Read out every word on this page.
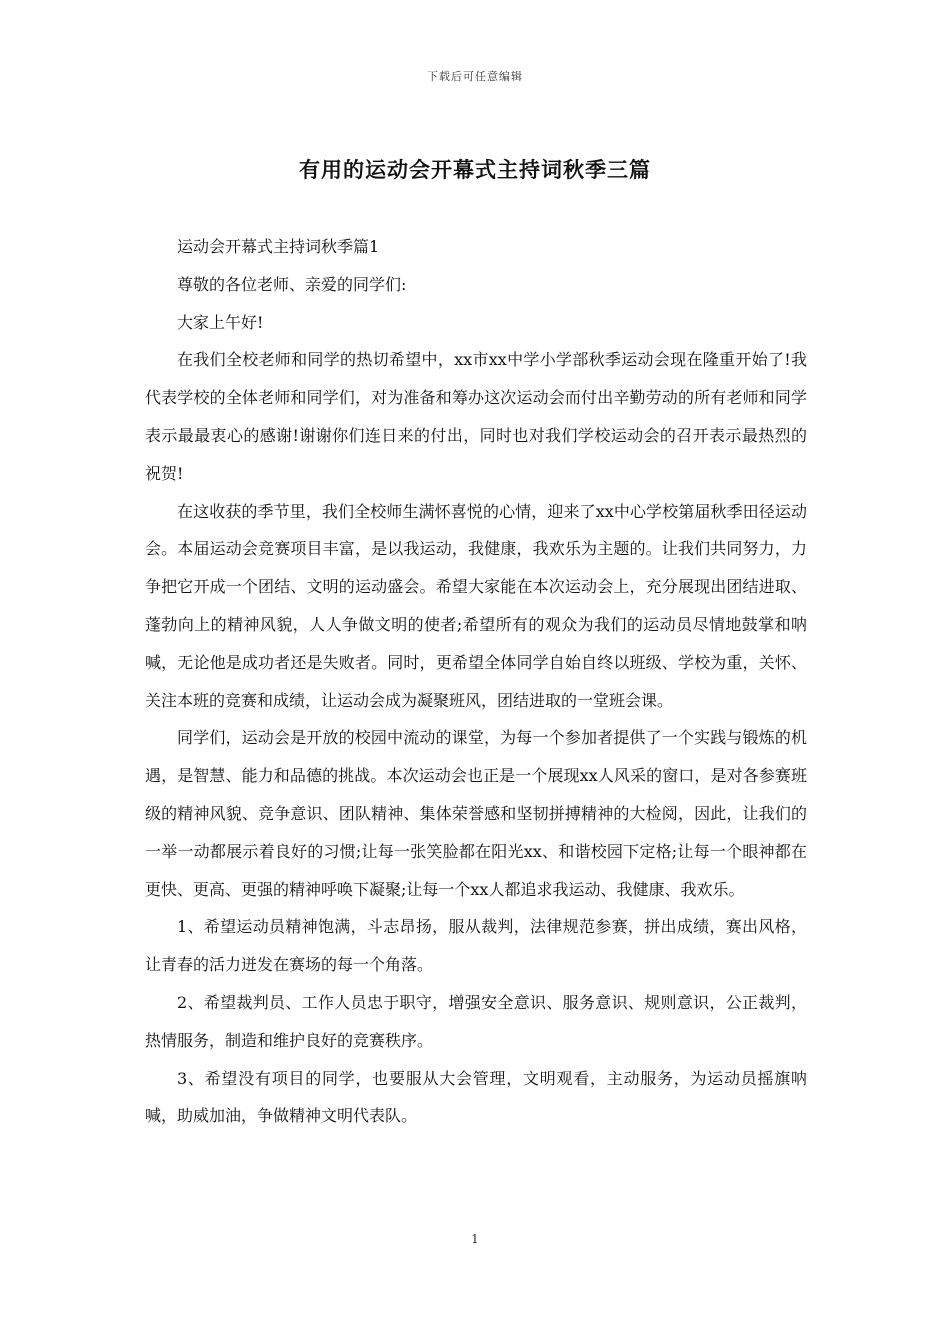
下载后可任意编辑
有用的运动会开幕式主持词秋季三篇

运动会开幕式主持词秋季篇1

尊敬的各位老师、亲爱的同学们:

大家上午好!

在我们全校老师和同学的热切希望中，xx市xx中学小学部秋季运动会现在隆重开始了!我代表学校的全体老师和同学们，对为准备和筹办这次运动会而付出辛勤劳动的所有老师和同学表示最最衷心的感谢!谢谢你们连日来的付出，同时也对我们学校运动会的召开表示最热烈的祝贺!

在这收获的季节里，我们全校师生满怀喜悦的心情，迎来了xx中心学校第届秋季田径运动会。本届运动会竞赛项目丰富，是以我运动，我健康，我欢乐为主题的。让我们共同努力，力争把它开成一个团结、文明的运动盛会。希望大家能在本次运动会上，充分展现出团结进取、蓬勃向上的精神风貌，人人争做文明的使者;希望所有的观众为我们的运动员尽情地鼓掌和呐喊，无论他是成功者还是失败者。同时，更希望全体同学自始自终以班级、学校为重，关怀、关注本班的竞赛和成绩，让运动会成为凝聚班风，团结进取的一堂班会课。

同学们，运动会是开放的校园中流动的课堂，为每一个参加者提供了一个实践与锻炼的机遇，是智慧、能力和品德的挑战。本次运动会也正是一个展现xx人风采的窗口，是对各参赛班级的精神风貌、竞争意识、团队精神、集体荣誉感和坚韧拼搏精神的大检阅，因此，让我们的一举一动都展示着良好的习惯;让每一张笑脸都在阳光xx、和谐校园下定格;让每一个眼神都在更快、更高、更强的精神呼唤下凝聚;让每一个xx人都追求我运动、我健康、我欢乐。

1、希望运动员精神饱满，斗志昂扬，服从裁判，法律规范参赛，拼出成绩，赛出风格，让青春的活力迸发在赛场的每一个角落。

2、希望裁判员、工作人员忠于职守，增强安全意识、服务意识、规则意识，公正裁判，热情服务，制造和维护良好的竞赛秩序。

3、希望没有项目的同学，也要服从大会管理，文明观看，主动服务，为运动员摇旗呐喊，助威加油，争做精神文明代表队。

1
